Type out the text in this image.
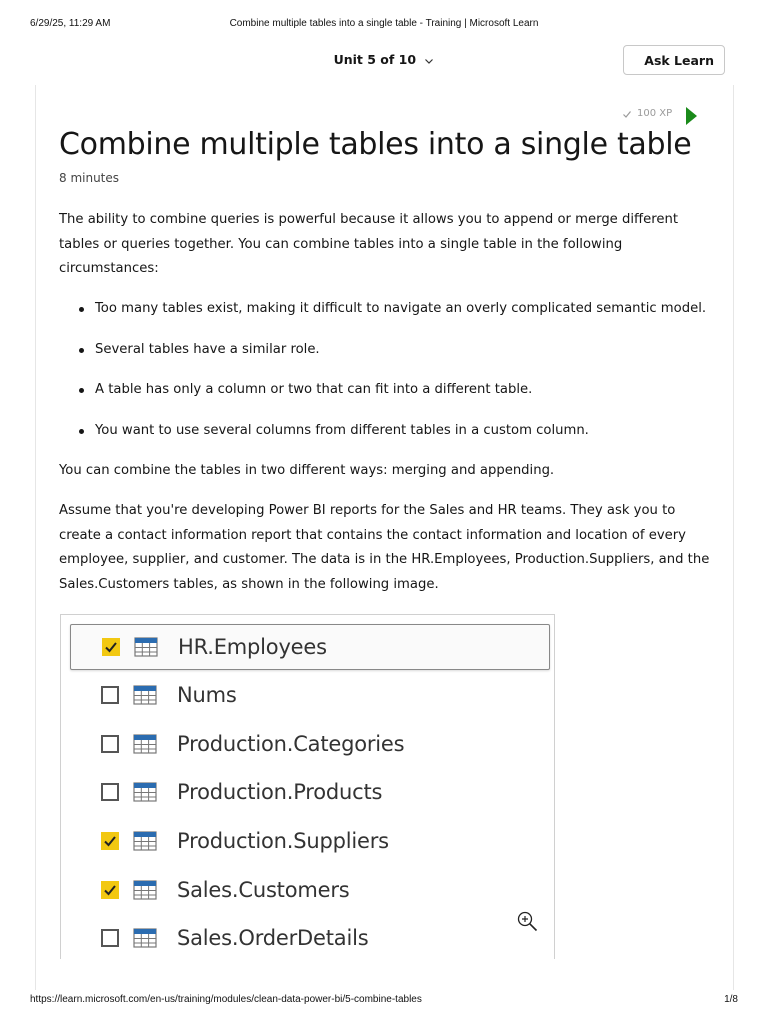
6/29/25, 11:29 AM	Combine multiple tables into a single table - Training | Microsoft Learn
Unit 5 of 10	Ask Learn
100 XP
Combine multiple tables into a single table
8 minutes

The ability to combine queries is powerful because it allows you to append or merge different tables or queries together. You can combine tables into a single table in the following circumstances:

Too many tables exist, making it difficult to navigate an overly complicated semantic model.
Several tables have a similar role.
A table has only a column or two that can fit into a different table.
You want to use several columns from different tables in a custom column.

You can combine the tables in two different ways: merging and appending.

Assume that you're developing Power BI reports for the Sales and HR teams. They ask you to create a contact information report that contains the contact information and location of every employee, supplier, and customer. The data is in the HR.Employees, Production.Suppliers, and the Sales.Customers tables, as shown in the following image.

HR.Employees
Nums
Production.Categories
Production.Products
Production.Suppliers
Sales.Customers
Sales.OrderDetails
https://learn.microsoft.com/en-us/training/modules/clean-data-power-bi/5-combine-tables	1/8
